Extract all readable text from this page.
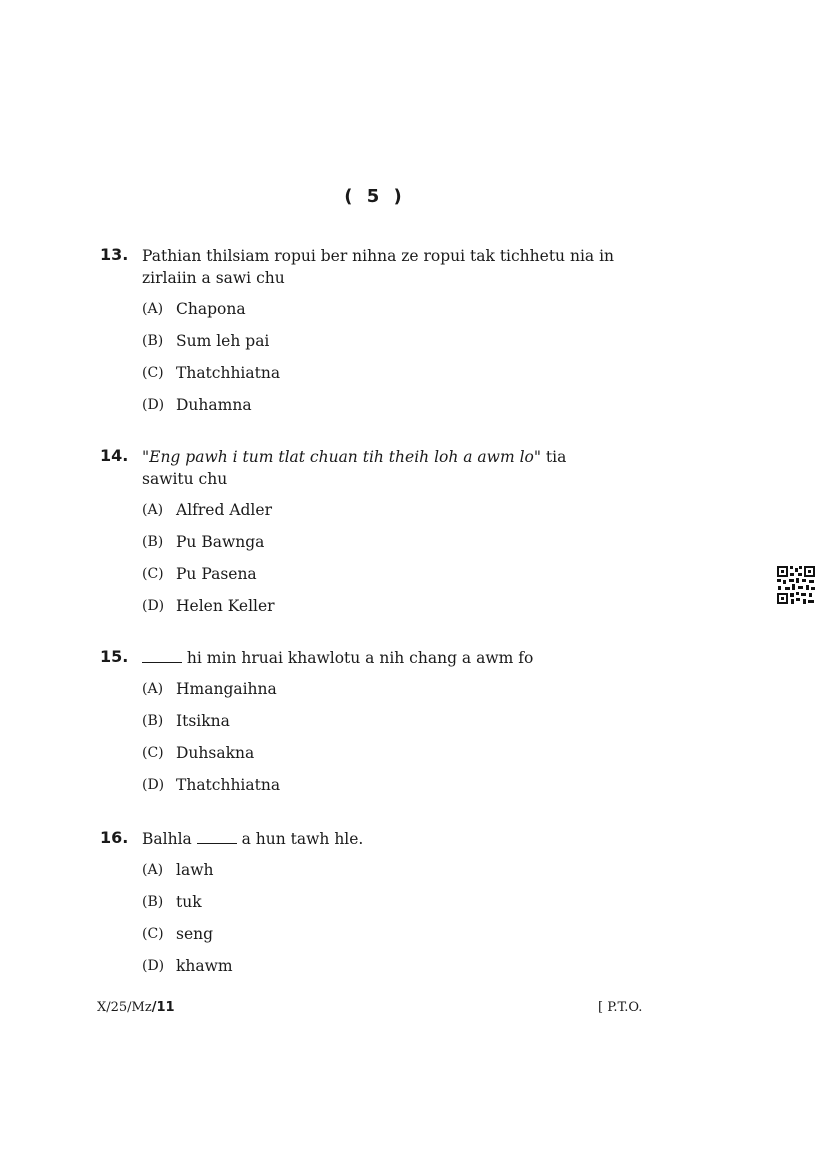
( 5 )
13. Pathian thilsiam ropui ber nihna ze ropui tak tichhetu nia in zirlaiin a sawi chu
(A) Chapona
(B) Sum leh pai
(C) Thatchhiatna
(D) Duhamna
14. "Eng pawh i tum tlat chuan tih theih loh a awm lo" tia sawitu chu
(A) Alfred Adler
(B) Pu Bawnga
(C) Pu Pasena
(D) Helen Keller
15.	hi min hruai khawlotu a nih chang a awm fo
(A) Hmangaihna
(B) Itsikna
(C) Duhsakna
(D) Thatchhiatna
16. Balhla	a hun tawh hle.
(A) lawh
(B) tuk
(C) seng
(D) khawm
X/25/Mz/11	[ P.T.O.
